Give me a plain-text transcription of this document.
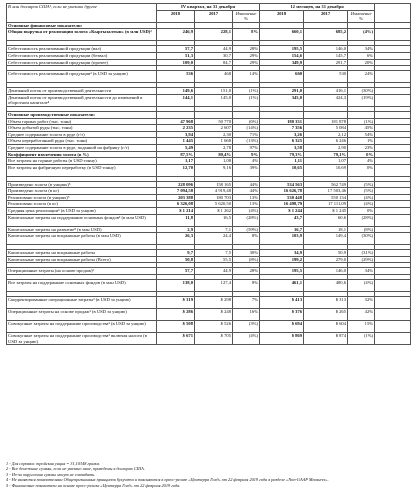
В млн долларов США¹, если не указано другое	IV квартал, на 31 декабря			12 месяцев, на 31 декабря			
	2018	2017	Изменение %	2018	2017	Изменение %	
Основные финансовые показатели:							
Общая выручка от реализации золота «Кыргызалтын» (в млн USD)²	246,9	228,1	8%	660,1	685,2	(4%)	

Себестоимость реализованной продукции (вал)	57,7	44,9	28%	195,5	146,0	34%	
Себестоимость реализованной продукции (безвал)	51,3	30,7	29%	154,6	145,7	6%	
Себестоимость реализованной продукции (прочее)	109,0	84,7	29%	349,9	291,7	20%	

Себестоимость реализованной продукции³ (в USD за унцию)	536	468	14%	660	530	24%	

Денежный поток от производственной деятельности	149,6	151,0	(1%)	291,0	416,1	(30%)	
Денежный поток от производственной деятельности до изменений в оборотном капитале⁴	144,1	145,0	(1%)	345,0	424,3	(19%)	

Основные производственные показатели:							
Объем горных работ (тыс. тонн)	47 968	50 770	(6%)	180 331	181 878	(1%)	
Объем добытой руды (тыс. тонн)	2 235	2 607	(14%)	7 356	5 084	45%	
Среднее содержание золота в руде (г/т)	3,94	2,30	71%	3,26	2,12	54%	
Объем переработанной руды (тыс. тонн)	1 445	1 668	(13%)	6 325	6 246	1%	
Среднее содержание золота в руде, поданной на фабрику (г/т)	5,49	2,78	97%	3,58	2,90	23%	
Коэффициент извлечения золота (в %)	87,5%	80,4%	9%	79,3%	79,1%	0%	
Все затраты на горные работы (в USD тонну)	1,17	1,08	4%	1,11	1,07	4%	
Все затраты на фабричную переработку (в USD тонну)	12,70	9,16	39%	10,65	10,69	0%	

Произведено золота (в унциях)⁵	228 096	158 165	44%	534 563	562 749	(5%)	
Произведено золота (в кг)	7 094,58	4 919,48	44%	16 626,78	17 503,46	(5%)	
Реализовано золота (в унциях)⁵	203 388	180 703	13%	530 448	550 134	(4%)	
Реализовано золота (в кг)	6 326,08	5 620,50	13%	16 498,79	17 111,09	(4%)	
Средняя цена реализации⁶ (в USD за унцию)	$ 1 214	$ 1 262	(4%)	$ 1 244	$ 1 245	0%	
Капитальные затраты на поддержание основных фондов² (в млн USD)	11,8	16,5	(28%)	43,7	60,6	(28%)	
Капитальные затраты на развитие⁸ (в млн USD)	2,9	7,1	(59%)	16,7	18,1	(8%)	
Капитальные затраты на вскрышные работы (в млн USD)	26,3	24,4	8%	103,9	149,4	(30%)	

Капитальные затраты на вскрышные работы	9,7	7,5	30%	34,9	50,9	(31%)	
Капитальные затраты на вскрышные работы (Всего)	50,8	55,5	(8%)	199,2	279,0	(29%)	

Операционные затраты (на основе продаж)³	57,7	44,9	28%	195,5	146,0	34%	

Все затраты на поддержание основных фондов (в млн USD)	138,0	127,4	8%	461,1	480,6	(4%)	

Скорректированные операционные затраты³ (в USD за унцию)	$ 319	$ 298	7%	$ 413	$ 313	32%	
Операционные затраты на основе продаж³ (в USD за унцию)	$ 286	$ 248	16%	$ 376	$ 265	42%	
Совокупные затраты на поддержание производства³ (в USD за унцию)	$ 508	$ 526	(3%)	$ 694	$ 604	15%	
Совокупные затраты на поддержание производства³ включая налоги (в USD за унцию)	$ 671	$ 705	(4%)	$ 869	$ 874	(1%)	
1 - Для справки: тройская унция = 31,10348 грамм.
2 - Все денежные суммы, если не указано иное, приведены в долларах США.
3 - Из-за округления суммы могут не совпадать.
4 - Не являются показателями Общепризнанных принципов бухучета и поясняются в пресс-релизе «Центерра Голд» от 22 февраля 2019 года в разделе «Non-GAAP Measures».
5 - Финансовые показатели на основе пресс-релиза «Центерра Голд» от 22 февраля 2019 года.
